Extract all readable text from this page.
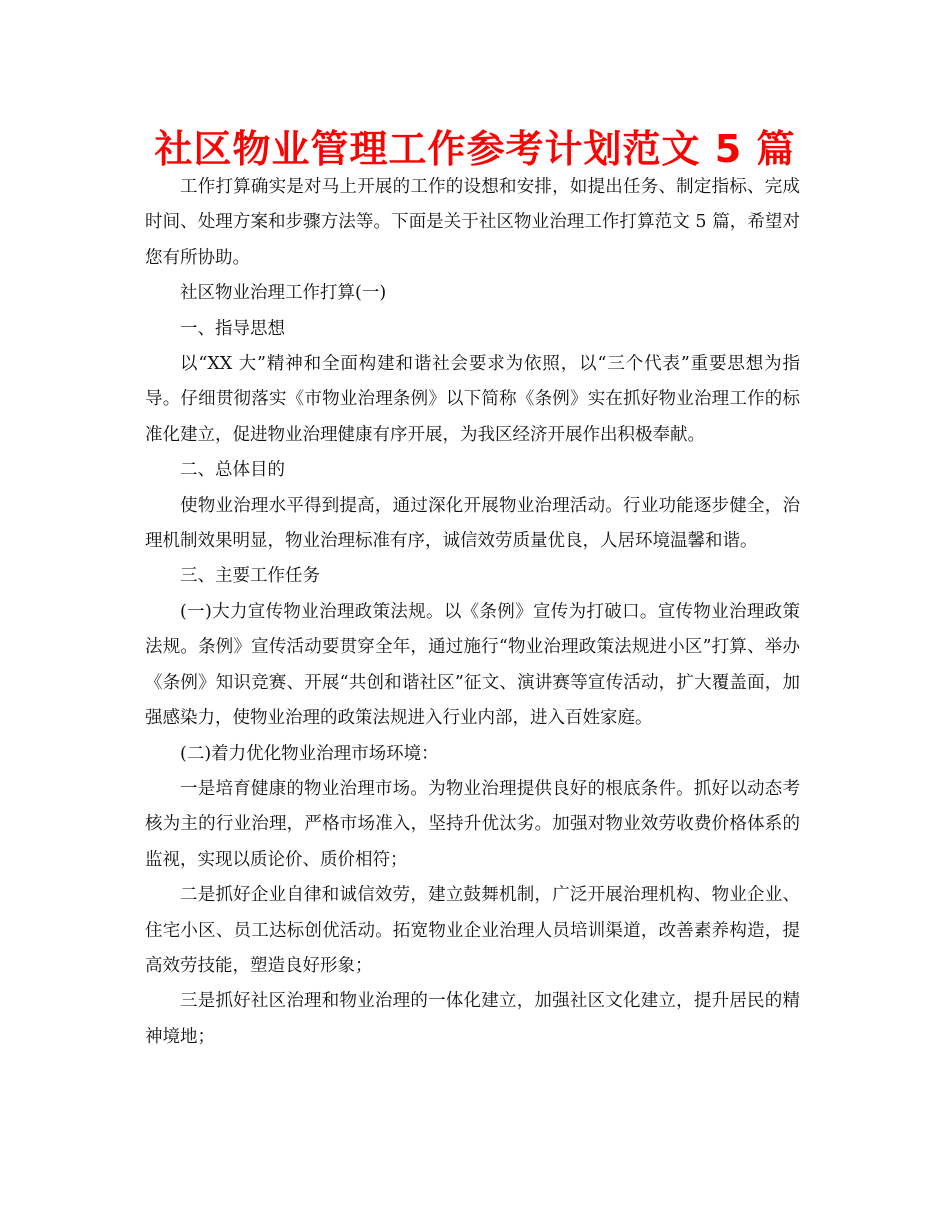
社区物业管理工作参考计划范文 5 篇

工作打算确实是对马上开展的工作的设想和安排，如提出任务、制定指标、完成时间、处理方案和步骤方法等。下面是关于社区物业治理工作打算范文 5 篇，希望对您有所协助。

社区物业治理工作打算(一)

一、指导思想

以“XX 大”精神和全面构建和谐社会要求为依照，以“三个代表”重要思想为指导。仔细贯彻落实《市物业治理条例》以下简称《条例》实在抓好物业治理工作的标准化建立，促进物业治理健康有序开展，为我区经济开展作出积极奉献。

二、总体目的

使物业治理水平得到提高，通过深化开展物业治理活动。行业功能逐步健全，治理机制效果明显，物业治理标准有序，诚信效劳质量优良，人居环境温馨和谐。

三、主要工作任务

(一)大力宣传物业治理政策法规。以《条例》宣传为打破口。宣传物业治理政策法规。条例》宣传活动要贯穿全年，通过施行“物业治理政策法规进小区”打算、举办《条例》知识竞赛、开展“共创和谐社区”征文、演讲赛等宣传活动，扩大覆盖面，加强感染力，使物业治理的政策法规进入行业内部，进入百姓家庭。

(二)着力优化物业治理市场环境：

一是培育健康的物业治理市场。为物业治理提供良好的根底条件。抓好以动态考核为主的行业治理，严格市场准入，坚持升优汰劣。加强对物业效劳收费价格体系的监视，实现以质论价、质价相符；

二是抓好企业自律和诚信效劳，建立鼓舞机制，广泛开展治理机构、物业企业、住宅小区、员工达标创优活动。拓宽物业企业治理人员培训渠道，改善素养构造，提高效劳技能，塑造良好形象；

三是抓好社区治理和物业治理的一体化建立，加强社区文化建立，提升居民的精神境地；
